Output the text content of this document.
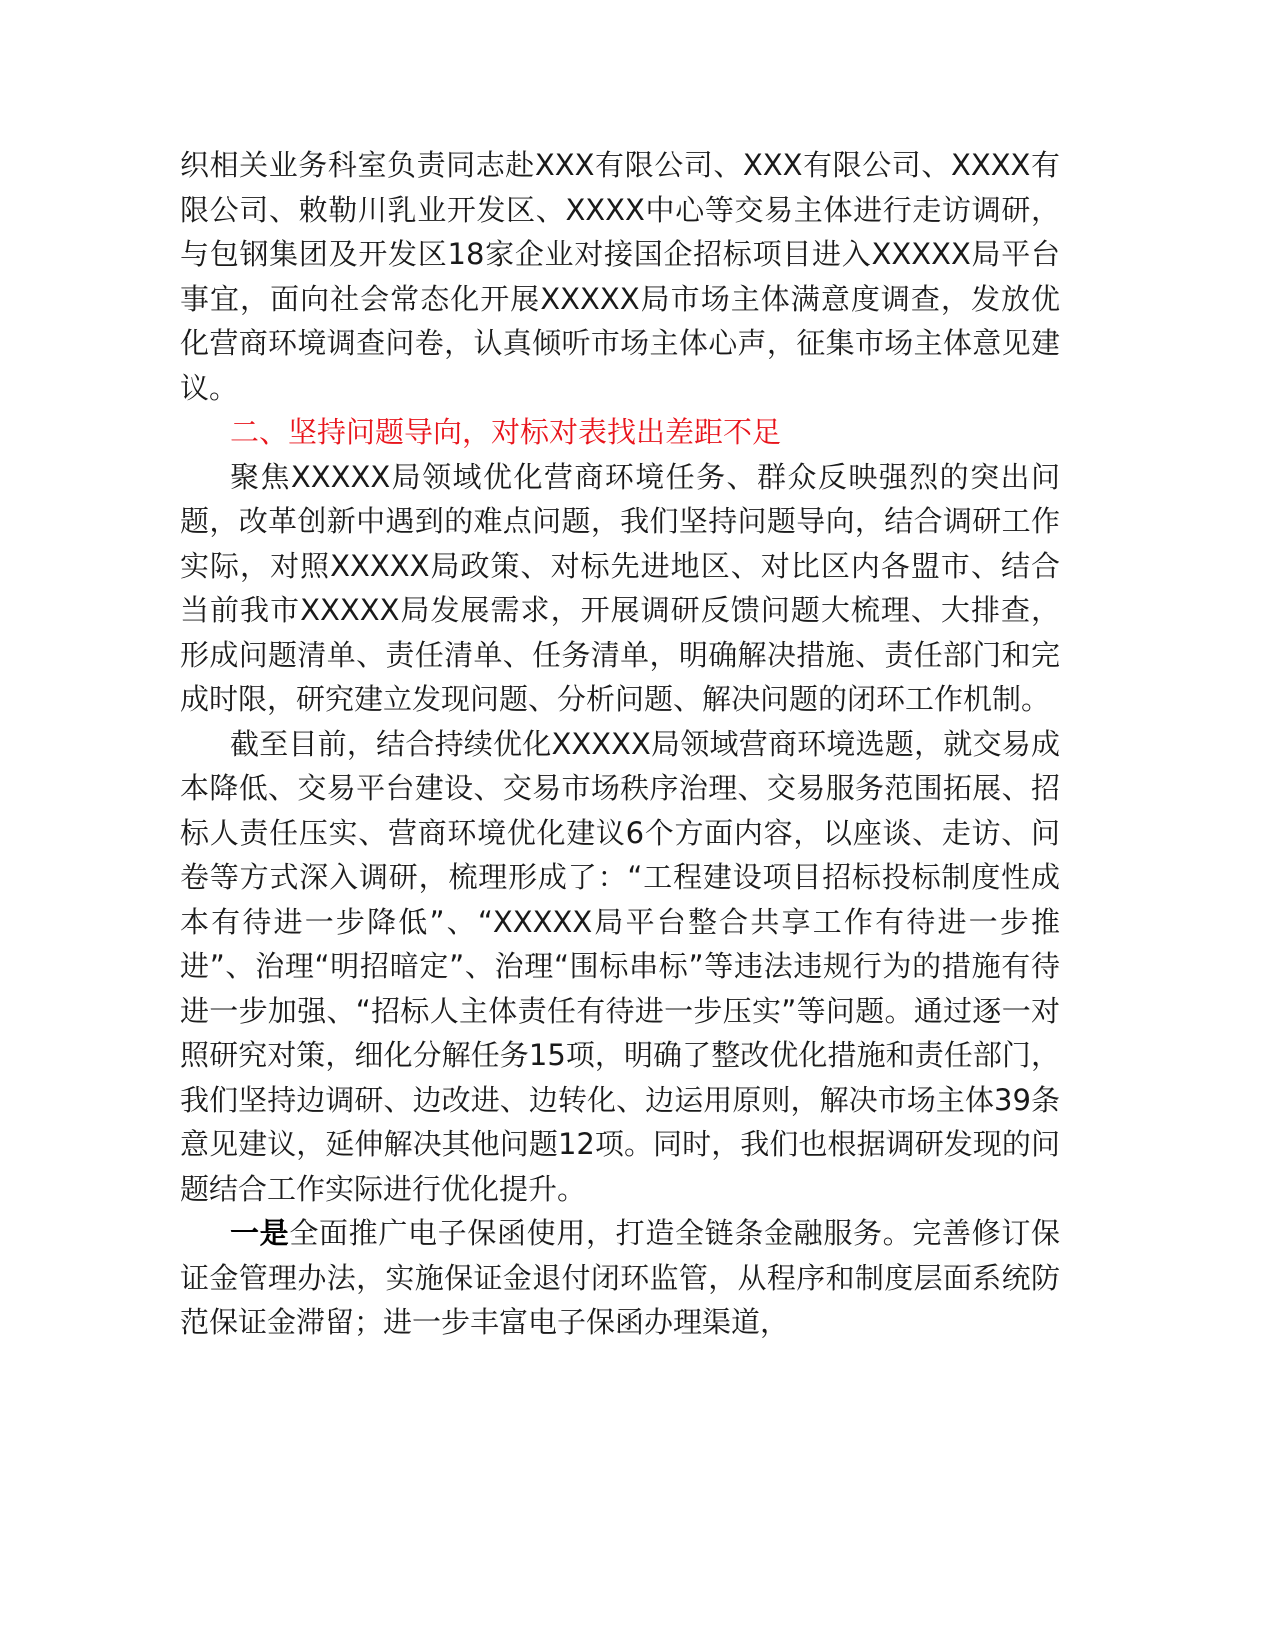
织相关业务科室负责同志赴XXX有限公司、XXX有限公司、XXXX有限公司、敕勒川乳业开发区、XXXX中心等交易主体进行走访调研，与包钢集团及开发区18家企业对接国企招标项目进入XXXXX局平台事宜，面向社会常态化开展XXXXX局市场主体满意度调查，发放优化营商环境调查问卷，认真倾听市场主体心声，征集市场主体意见建议。

二、坚持问题导向，对标对表找出差距不足

聚焦XXXXX局领域优化营商环境任务、群众反映强烈的突出问题，改革创新中遇到的难点问题，我们坚持问题导向，结合调研工作实际，对照XXXXX局政策、对标先进地区、对比区内各盟市、结合当前我市XXXXX局发展需求，开展调研反馈问题大梳理、大排查，形成问题清单、责任清单、任务清单，明确解决措施、责任部门和完成时限，研究建立发现问题、分析问题、解决问题的闭环工作机制。

截至目前，结合持续优化XXXXX局领域营商环境选题，就交易成本降低、交易平台建设、交易市场秩序治理、交易服务范围拓展、招标人责任压实、营商环境优化建议6个方面内容，以座谈、走访、问卷等方式深入调研，梳理形成了：“工程建设项目招标投标制度性成本有待进一步降低”、“XXXXX局平台整合共享工作有待进一步推进”、治理“明招暗定”、治理“围标串标”等违法违规行为的措施有待进一步加强、“招标人主体责任有待进一步压实”等问题。通过逐一对照研究对策，细化分解任务15项，明确了整改优化措施和责任部门，我们坚持边调研、边改进、边转化、边运用原则，解决市场主体39条意见建议，延伸解决其他问题12项。同时，我们也根据调研发现的问题结合工作实际进行优化提升。

一是全面推广电子保函使用，打造全链条金融服务。完善修订保证金管理办法，实施保证金退付闭环监管，从程序和制度层面系统防范保证金滞留；进一步丰富电子保函办理渠道，
